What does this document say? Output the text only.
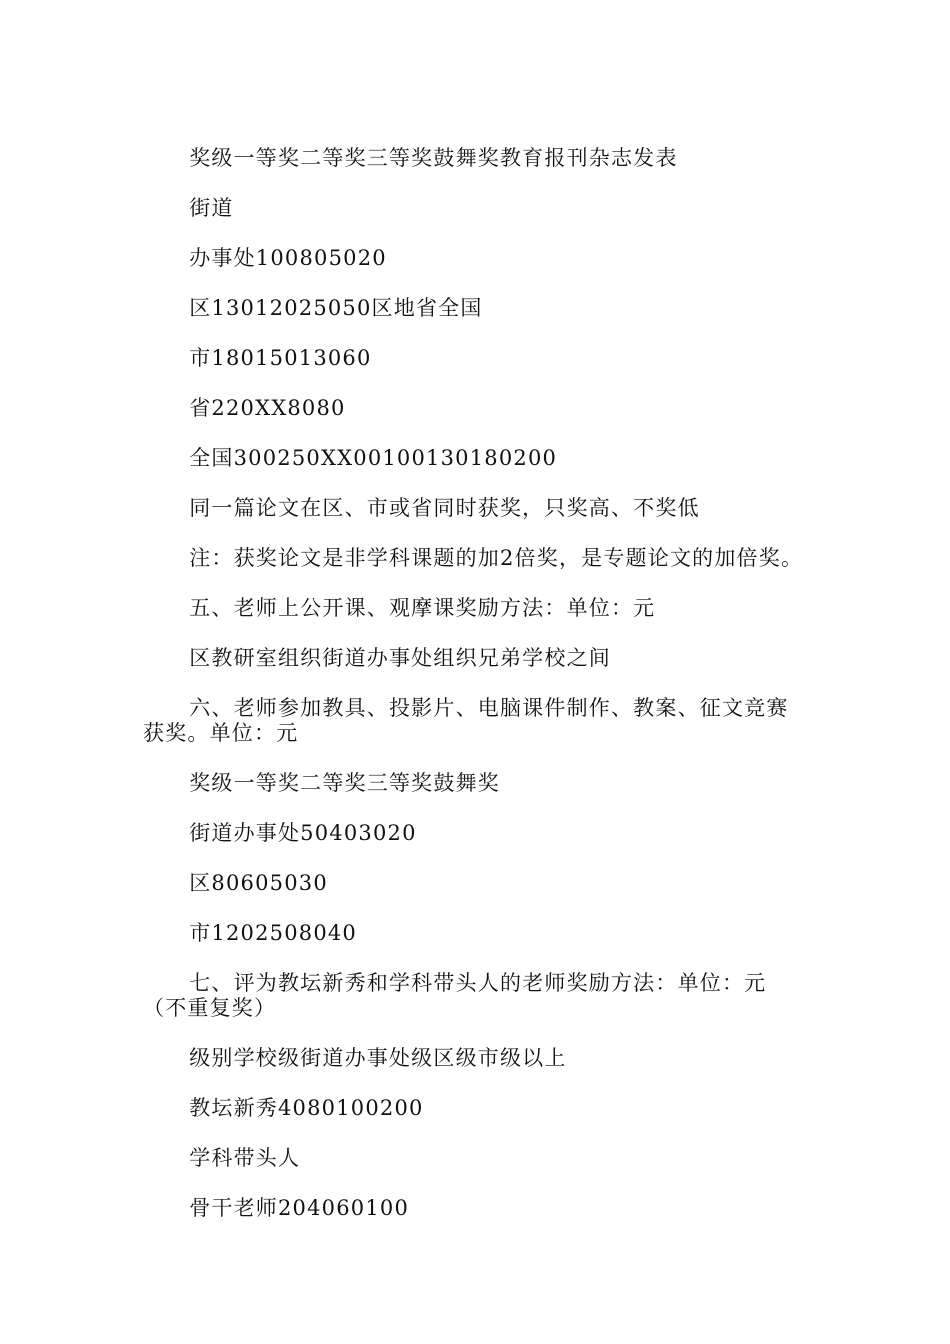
奖级一等奖二等奖三等奖鼓舞奖教育报刊杂志发表

街道

办事处100805020

区13012025050区地省全国

市18015013060

省220XX8080

全国300250XX00100130180200

同一篇论文在区、市或省同时获奖，只奖高、不奖低

注：获奖论文是非学科课题的加2倍奖，是专题论文的加倍奖。

五、老师上公开课、观摩课奖励方法：单位：元

区教研室组织街道办事处组织兄弟学校之间

六、老师参加教具、投影片、电脑课件制作、教案、征文竞赛获奖。单位：元

奖级一等奖二等奖三等奖鼓舞奖

街道办事处50403020

区80605030

市1202508040

七、评为教坛新秀和学科带头人的老师奖励方法：单位：元（不重复奖）

级别学校级街道办事处级区级市级以上

教坛新秀4080100200

学科带头人

骨干老师204060100
